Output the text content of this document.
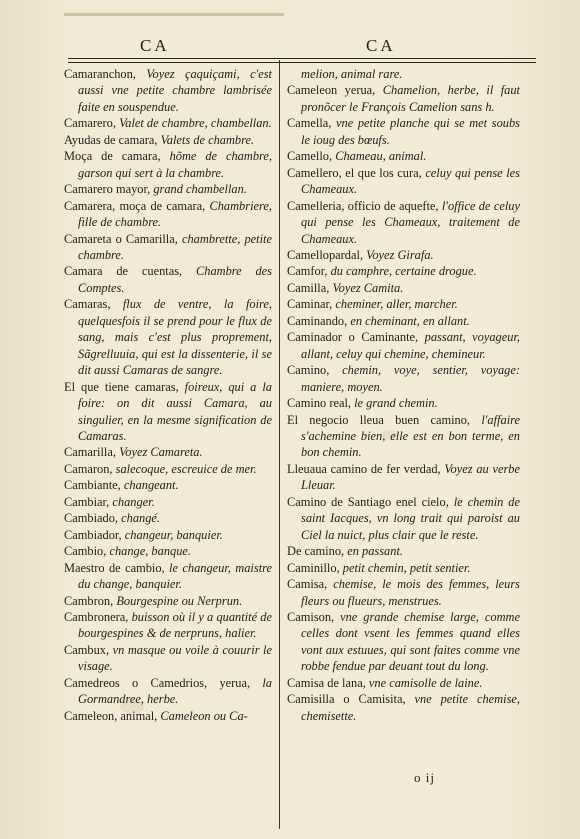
CA	CA

Camaranchon, Voyez çaquiçami, c'est aussi vne petite chambre lambrisée faite en souspendue.

Camarero, Valet de chambre, chambellan.

Ayudas de camara, Valets de chambre.

Moça de camara, hõme de chambre, garson qui sert à la chambre.

Camarero mayor, grand chambellan.

Camarera, moça de camara, Chambriere, fille de chambre.

Camareta o Camarilla, chambrette, petite chambre.

Camara de cuentas, Chambre des Comptes.

Camaras, flux de ventre, la foire, quelquesfois il se prend pour le flux de sang, mais c'est plus proprement, Sãgrelluuia, qui est la dissenterie, il se dit aussi Camaras de sangre.

El que tiene camaras, foireux, qui a la foire: on dit aussi Camara, au singulier, en la mesme signification de Camaras.

Camarilla, Voyez Camareta.

Camaron, salecoque, escreuice de mer.

Cambiante, changeant.

Cambiar, changer.

Cambiado, changé.

Cambiador, changeur, banquier.

Cambio, change, banque.

Maestro de cambio, le changeur, maistre du change, banquier.

Cambron, Bourgespine ou Nerprun.

Cambronera, buisson où il y a quantité de bourgespines & de nerpruns, halier.

Cambux, vn masque ou voile à couurir le visage.

Camedreos o Camedrios, yerua, la Gormandree, herbe.

Cameleon, animal, Cameleon ou Ca-

melion, animal rare.

Cameleon yerua, Chamelion, herbe, il faut pronõcer le François Camelion sans h.

Camella, vne petite planche qui se met soubs le ioug des bœufs.

Camello, Chameau, animal.

Camellero, el que los cura, celuy qui pense les Chameaux.

Camelleria, officio de aquefte, l'office de celuy qui pense les Chameaux, traitement de Chameaux.

Camellopardal, Voyez Girafa.

Camfor, du camphre, certaine drogue.

Camilla, Voyez Camita.

Caminar, cheminer, aller, marcher.

Caminando, en cheminant, en allant.

Caminador o Caminante, passant, voyageur, allant, celuy qui chemine, chemineur.

Camino, chemin, voye, sentier, voyage: maniere, moyen.

Camino real, le grand chemin.

El negocio lleua buen camino, l'affaire s'achemine bien, elle est en bon terme, en bon chemin.

Lleuaua camino de fer verdad, Voyez au verbe Lleuar.

Camino de Santiago enel cielo, le chemin de saint Iacques, vn long trait qui paroist au Ciel la nuict, plus clair que le reste.

De camino, en passant.

Caminillo, petit chemin, petit sentier.

Camisa, chemise, le mois des femmes, leurs fleurs ou flueurs, menstrues.

Camison, vne grande chemise large, comme celles dont vsent les femmes quand elles vont aux estuues, qui sont faites comme vne robbe fendue par deuant tout du long.

Camisa de lana, vne camisolle de laine.

Camisilla o Camisita, vne petite chemise, chemisette.

o ij
